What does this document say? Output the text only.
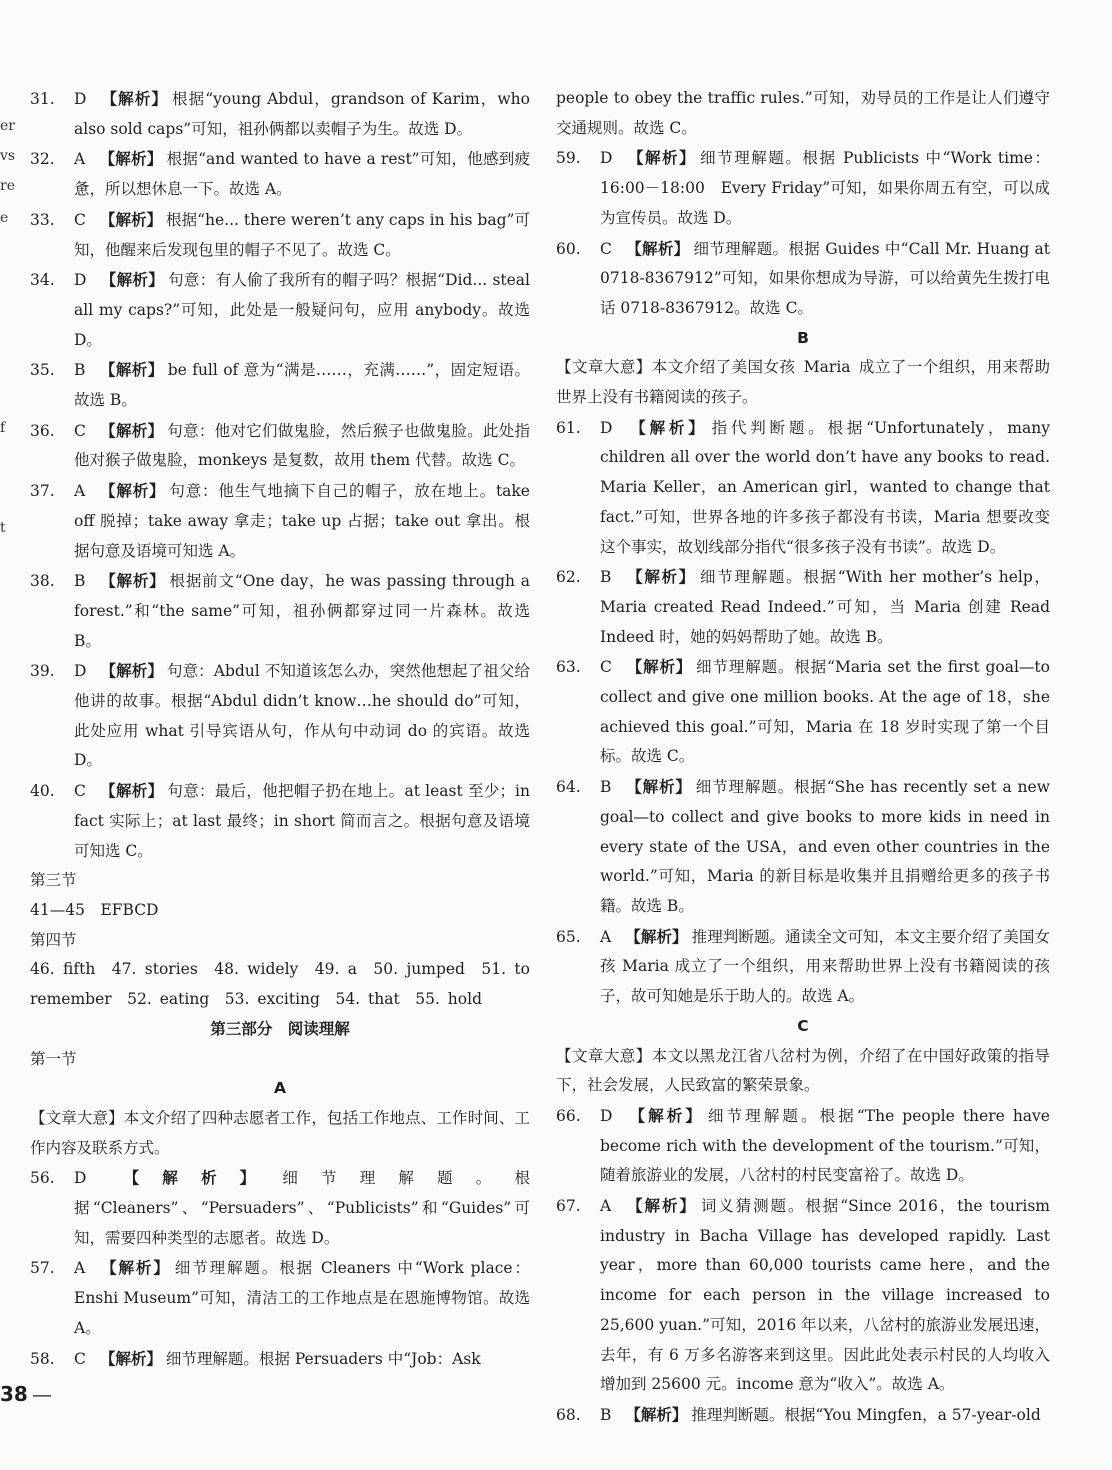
er
vs
re
e
f
t
31. D 【解析】 根据“young Abdul，grandson of Karim，who also sold caps”可知，祖孙俩都以卖帽子为生。故选 D。
32. A 【解析】 根据“and wanted to have a rest”可知，他感到疲惫，所以想休息一下。故选 A。
33. C 【解析】 根据“he... there weren’t any caps in his bag”可知，他醒来后发现包里的帽子不见了。故选 C。
34. D 【解析】 句意：有人偷了我所有的帽子吗？根据“Did... steal all my caps?”可知，此处是一般疑问句，应用 anybody。故选 D。
35. B 【解析】 be full of 意为“满是……，充满……”，固定短语。故选 B。
36. C 【解析】 句意：他对它们做鬼脸，然后猴子也做鬼脸。此处指他对猴子做鬼脸，monkeys 是复数，故用 them 代替。故选 C。
37. A 【解析】 句意：他生气地摘下自己的帽子，放在地上。take off 脱掉；take away 拿走；take up 占据；take out 拿出。根据句意及语境可知选 A。
38. B 【解析】 根据前文“One day，he was passing through a forest.”和“the same”可知，祖孙俩都穿过同一片森林。故选 B。
39. D 【解析】 句意：Abdul 不知道该怎么办，突然他想起了祖父给他讲的故事。根据“Abdul didn’t know…he should do”可知，此处应用 what 引导宾语从句，作从句中动词 do 的宾语。故选 D。
40. C 【解析】 句意：最后，他把帽子扔在地上。at least 至少；in fact 实际上；at last 最终；in short 简而言之。根据句意及语境可知选 C。
第三节
41—45　EFBCD
第四节
46. fifth　47. stories　48. widely　49. a　50. jumped　51. to remember　52. eating　53. exciting　54. that　55. hold
第三部分　阅读理解
第一节
A
【文章大意】本文介绍了四种志愿者工作，包括工作地点、工作时间、工作内容及联系方式。
56. D 【解析】 细节理解题。根据“Cleaners”、“Persuaders”、“Publicists”和“Guides”可知，需要四种类型的志愿者。故选 D。
57. A 【解析】 细节理解题。根据 Cleaners 中“Work place：Enshi Museum”可知，清洁工的工作地点是在恩施博物馆。故选 A。
58. C 【解析】 细节理解题。根据 Persuaders 中“Job：Ask
people to obey the traffic rules.”可知，劝导员的工作是让人们遵守交通规则。故选 C。
59. D 【解析】 细节理解题。根据 Publicists 中“Work time：16:00－18:00　Every Friday”可知，如果你周五有空，可以成为宣传员。故选 D。
60. C 【解析】 细节理解题。根据 Guides 中“Call Mr. Huang at 0718-8367912”可知，如果你想成为导游，可以给黄先生拨打电话 0718-8367912。故选 C。
B
【文章大意】本文介绍了美国女孩 Maria 成立了一个组织，用来帮助世界上没有书籍阅读的孩子。
61. D 【解析】 指代判断题。根据“Unfortunately，many children all over the world don’t have any books to read. Maria Keller，an American girl，wanted to change that fact.”可知，世界各地的许多孩子都没有书读，Maria 想要改变这个事实，故划线部分指代“很多孩子没有书读”。故选 D。
62. B 【解析】 细节理解题。根据“With her mother’s help，Maria created Read Indeed.”可知，当 Maria 创建 Read Indeed 时，她的妈妈帮助了她。故选 B。
63. C 【解析】 细节理解题。根据“Maria set the first goal—to collect and give one million books. At the age of 18，she achieved this goal.”可知，Maria 在 18 岁时实现了第一个目标。故选 C。
64. B 【解析】 细节理解题。根据“She has recently set a new goal—to collect and give books to more kids in need in every state of the USA，and even other countries in the world.”可知，Maria 的新目标是收集并且捐赠给更多的孩子书籍。故选 B。
65. A 【解析】 推理判断题。通读全文可知，本文主要介绍了美国女孩 Maria 成立了一个组织，用来帮助世界上没有书籍阅读的孩子，故可知她是乐于助人的。故选 A。
C
【文章大意】本文以黑龙江省八岔村为例，介绍了在中国好政策的指导下，社会发展，人民致富的繁荣景象。
66. D 【解析】 细节理解题。根据“The people there have become rich with the development of the tourism.”可知，随着旅游业的发展，八岔村的村民变富裕了。故选 D。
67. A 【解析】 词义猜测题。根据“Since 2016，the tourism industry in Bacha Village has developed rapidly. Last year，more than 60,000 tourists came here，and the income for each person in the village increased to 25,600 yuan.”可知，2016 年以来，八岔村的旅游业发展迅速，去年，有 6 万多名游客来到这里。因此此处表示村民的人均收入增加到 25600 元。income 意为“收入”。故选 A。
68. B 【解析】 推理判断题。根据“You Mingfen，a 57-year-old
38 —
